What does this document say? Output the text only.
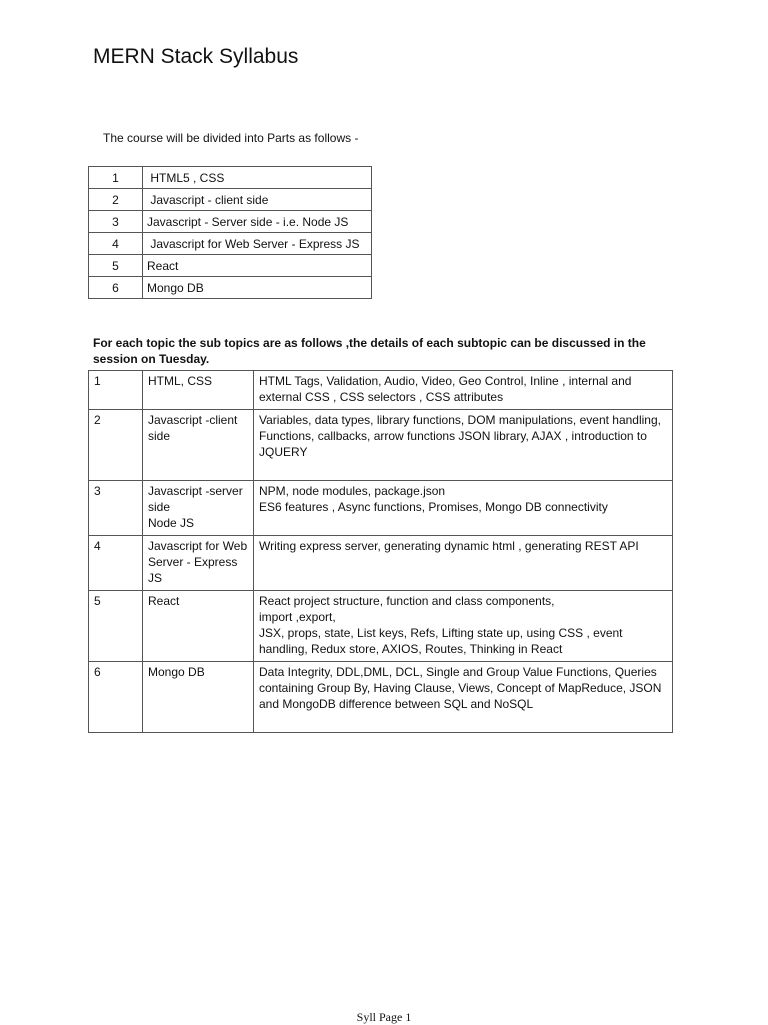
MERN Stack Syllabus

The course will be divided into Parts as follows -

1	HTML5 , CSS
2	Javascript - client side
3	Javascript - Server side - i.e. Node JS
4	Javascript for Web Server - Express JS
5	React
6	Mongo DB

For each topic the sub topics are as follows ,the details of each subtopic can be discussed in the session on Tuesday.

1	HTML, CSS	HTML Tags, Validation, Audio, Video, Geo Control, Inline , internal and external CSS , CSS selectors , CSS attributes

2	Javascript -client side	Variables, data types, library functions, DOM manipulations, event handling,
Functions, callbacks, arrow functions JSON library, AJAX , introduction to JQUERY

3	Javascript -server side
Node JS	NPM, node modules, package.json
ES6 features , Async functions, Promises, Mongo DB connectivity

4	Javascript for Web Server - Express JS	Writing express server, generating dynamic html , generating REST API

5	React	React project structure, function and class components,
import ,export,
JSX, props, state, List keys, Refs, Lifting state up, using CSS , event handling, Redux store, AXIOS, Routes, Thinking in React

6	Mongo DB	Data Integrity, DDL,DML, DCL, Single and Group Value Functions, Queries containing Group By, Having Clause, Views, Concept of MapReduce, JSON and MongoDB difference between SQL and NoSQL
Syll Page 1
